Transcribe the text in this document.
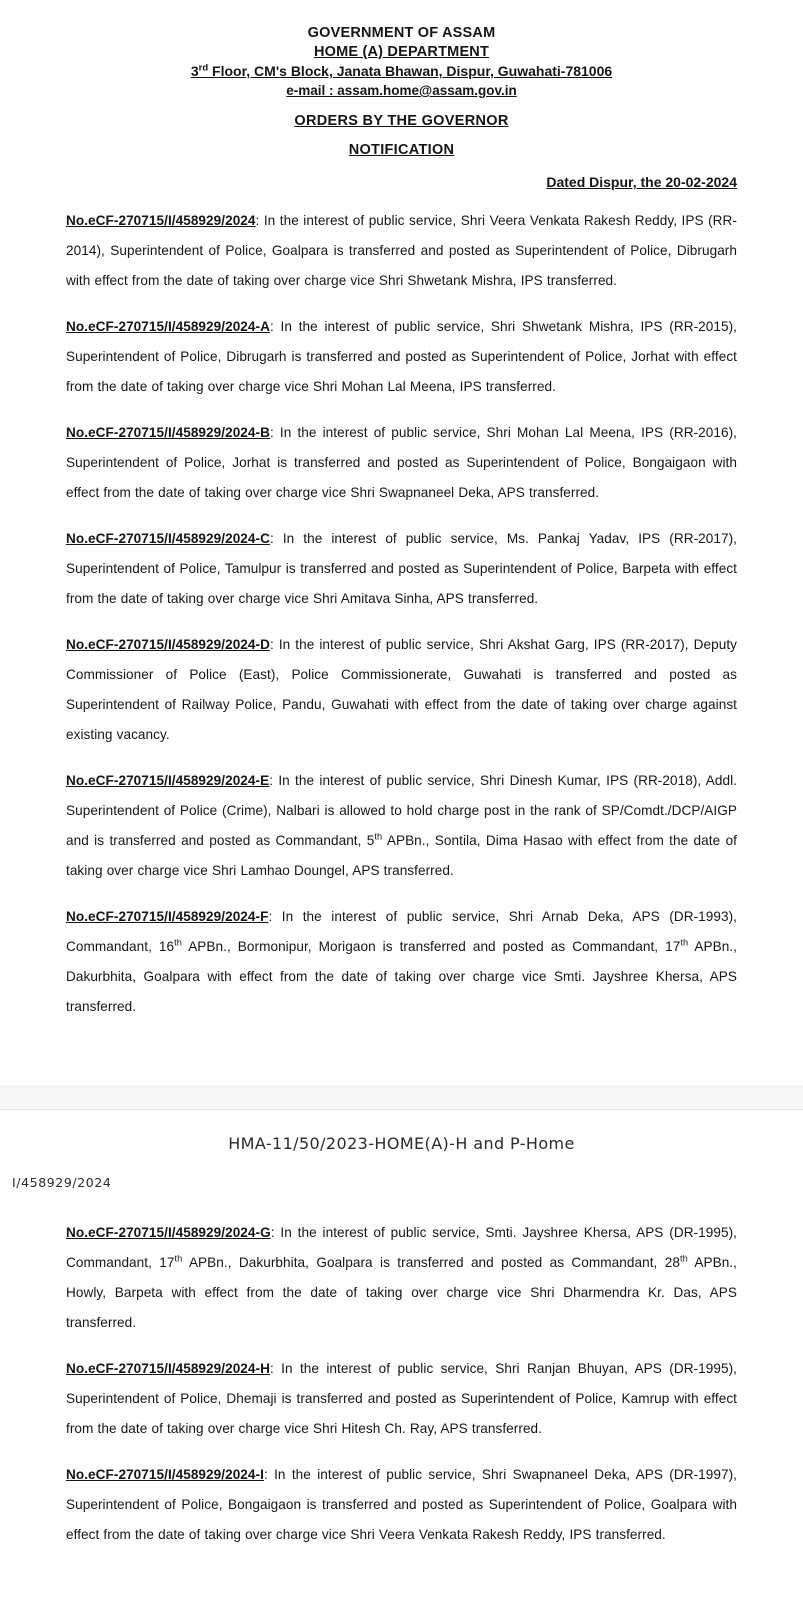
GOVERNMENT OF ASSAM
HOME (A) DEPARTMENT
3rd Floor, CM's Block, Janata Bhawan, Dispur, Guwahati-781006
e-mail : assam.home@assam.gov.in
ORDERS BY THE GOVERNOR
NOTIFICATION
Dated Dispur, the 20-02-2024
No.eCF-270715/I/458929/2024: In the interest of public service, Shri Veera Venkata Rakesh Reddy, IPS (RR-2014), Superintendent of Police, Goalpara is transferred and posted as Superintendent of Police, Dibrugarh with effect from the date of taking over charge vice Shri Shwetank Mishra, IPS transferred.
No.eCF-270715/I/458929/2024-A: In the interest of public service, Shri Shwetank Mishra, IPS (RR-2015), Superintendent of Police, Dibrugarh is transferred and posted as Superintendent of Police, Jorhat with effect from the date of taking over charge vice Shri Mohan Lal Meena, IPS transferred.
No.eCF-270715/I/458929/2024-B: In the interest of public service, Shri Mohan Lal Meena, IPS (RR-2016), Superintendent of Police, Jorhat is transferred and posted as Superintendent of Police, Bongaigaon with effect from the date of taking over charge vice Shri Swapnaneel Deka, APS transferred.
No.eCF-270715/I/458929/2024-C: In the interest of public service, Ms. Pankaj Yadav, IPS (RR-2017), Superintendent of Police, Tamulpur is transferred and posted as Superintendent of Police, Barpeta with effect from the date of taking over charge vice Shri Amitava Sinha, APS transferred.
No.eCF-270715/I/458929/2024-D: In the interest of public service, Shri Akshat Garg, IPS (RR-2017), Deputy Commissioner of Police (East), Police Commissionerate, Guwahati is transferred and posted as Superintendent of Railway Police, Pandu, Guwahati with effect from the date of taking over charge against existing vacancy.
No.eCF-270715/I/458929/2024-E: In the interest of public service, Shri Dinesh Kumar, IPS (RR-2018), Addl. Superintendent of Police (Crime), Nalbari is allowed to hold charge post in the rank of SP/Comdt./DCP/AIGP and is transferred and posted as Commandant, 5th APBn., Sontila, Dima Hasao with effect from the date of taking over charge vice Shri Lamhao Doungel, APS transferred.
No.eCF-270715/I/458929/2024-F: In the interest of public service, Shri Arnab Deka, APS (DR-1993), Commandant, 16th APBn., Bormonipur, Morigaon is transferred and posted as Commandant, 17th APBn., Dakurbhita, Goalpara with effect from the date of taking over charge vice Smti. Jayshree Khersa, APS transferred.
HMA-11/50/2023-HOME(A)-H and P-Home
I/458929/2024
No.eCF-270715/I/458929/2024-G: In the interest of public service, Smti. Jayshree Khersa, APS (DR-1995), Commandant, 17th APBn., Dakurbhita, Goalpara is transferred and posted as Commandant, 28th APBn., Howly, Barpeta with effect from the date of taking over charge vice Shri Dharmendra Kr. Das, APS transferred.
No.eCF-270715/I/458929/2024-H: In the interest of public service, Shri Ranjan Bhuyan, APS (DR-1995), Superintendent of Police, Dhemaji is transferred and posted as Superintendent of Police, Kamrup with effect from the date of taking over charge vice Shri Hitesh Ch. Ray, APS transferred.
No.eCF-270715/I/458929/2024-I: In the interest of public service, Shri Swapnaneel Deka, APS (DR-1997), Superintendent of Police, Bongaigaon is transferred and posted as Superintendent of Police, Goalpara with effect from the date of taking over charge vice Shri Veera Venkata Rakesh Reddy, IPS transferred.
